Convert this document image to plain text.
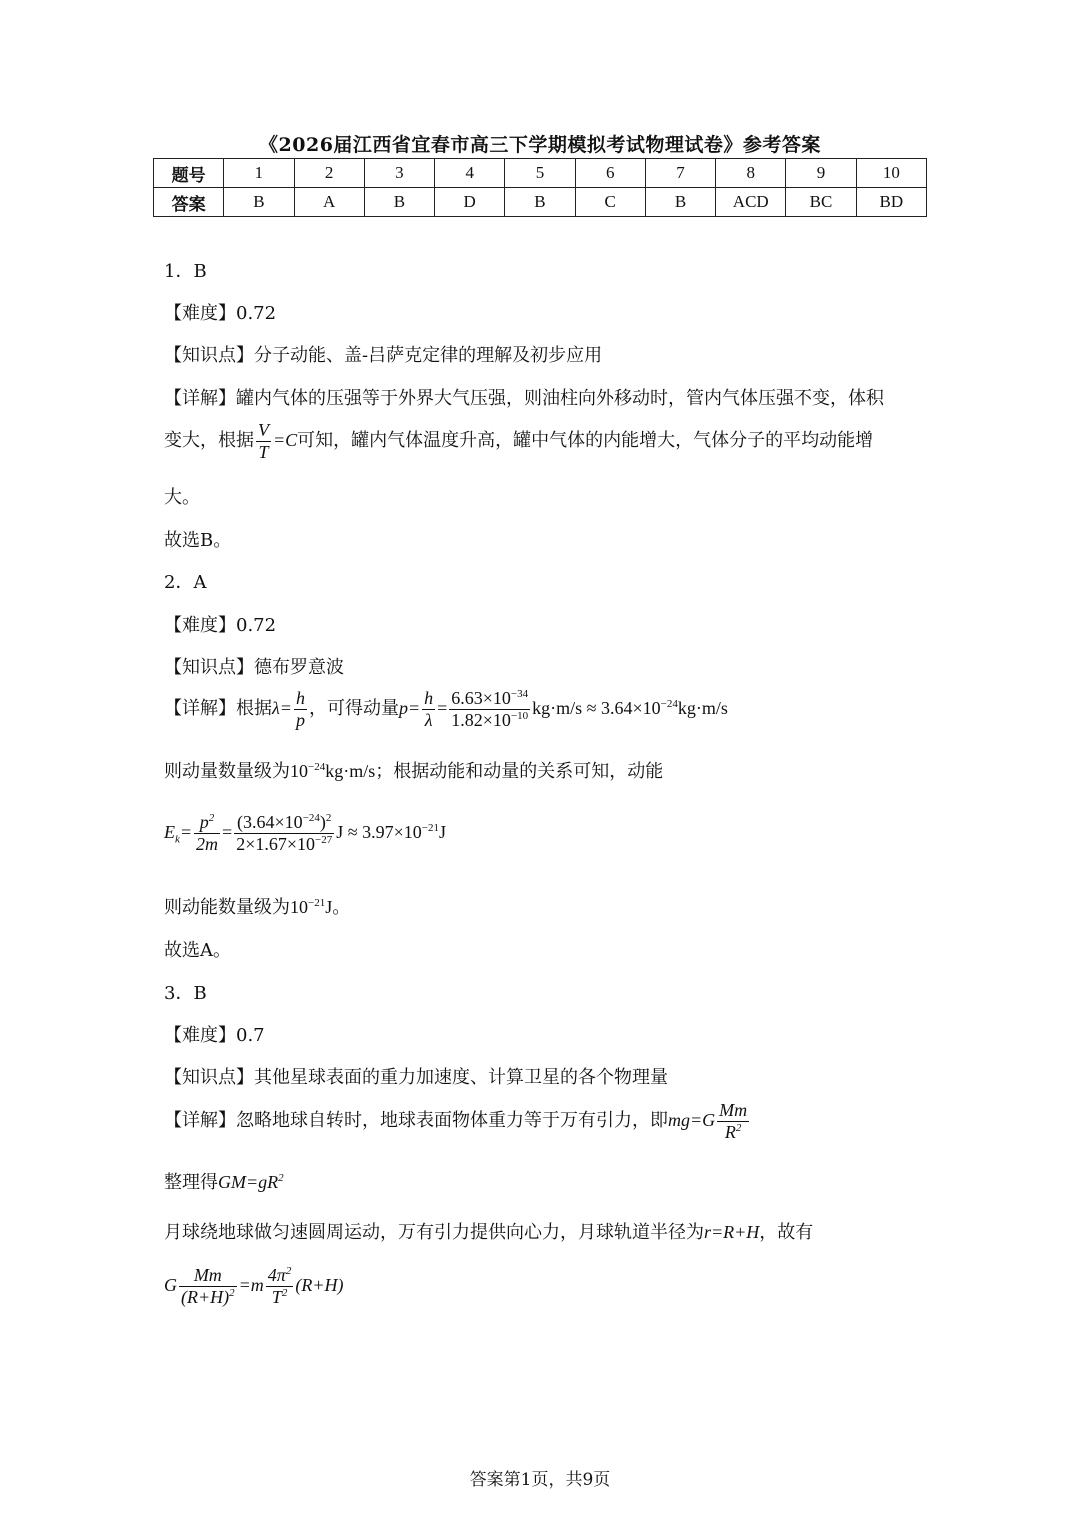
《2026届江西省宜春市高三下学期模拟考试物理试卷》参考答案
题号	1	2	3	4	5	6	7	8	9	10
答案	B	A	B	D	B	C	B	ACD	BC	BD
1．B
【难度】0.72
【知识点】分子动能、盖-吕萨克定律的理解及初步应用
【详解】罐内气体的压强等于外界大气压强，则油柱向外移动时，管内气体压强不变，体积
变大，根据 $\frac{V}{T} =C$可知，罐内气体温度升高，罐中气体的内能增大，气体分子的平均动能增
大。
故选B。
2．A
【难度】0.72
【知识点】德布罗意波
【详解】根据$\lambda= \frac{h}{p}$ ，可得动量$p= \frac{h}{\lambda} = \frac{6.63\times 10^{-34}}{1.82\times 10^{-10}} kg\cdot m/s \approx 3.64\times 10^{-24}kg\cdot m/s$
则动量数量级为$10^{-24}kg\cdot m/s$；根据动能和动量的关系可知，动能
$E_k= \frac{p^2}{2m} = \frac{(3.64\times 10^{-24})^2}{2\times 1.67\times 10^{-27}}$ $J \approx 3.97\times 10^{-21}J$
则动能数量级为$10^{-21}J$。
故选A。
3．B
【难度】0.7
【知识点】其他星球表面的重力加速度、计算卫星的各个物理量
【详解】忽略地球自转时，地球表面物体重力等于万有引力，即$mg=G \frac{Mm}{R^2}$
整理得$GM=gR^2$
月球绕地球做匀速圆周运动，万有引力提供向心力，月球轨道半径为r=R+H，故有
G $\frac{Mm}{(R+H)^2} =m \frac{4\pi^2}{T^2} (R+H)$
答案第1页，共9页
